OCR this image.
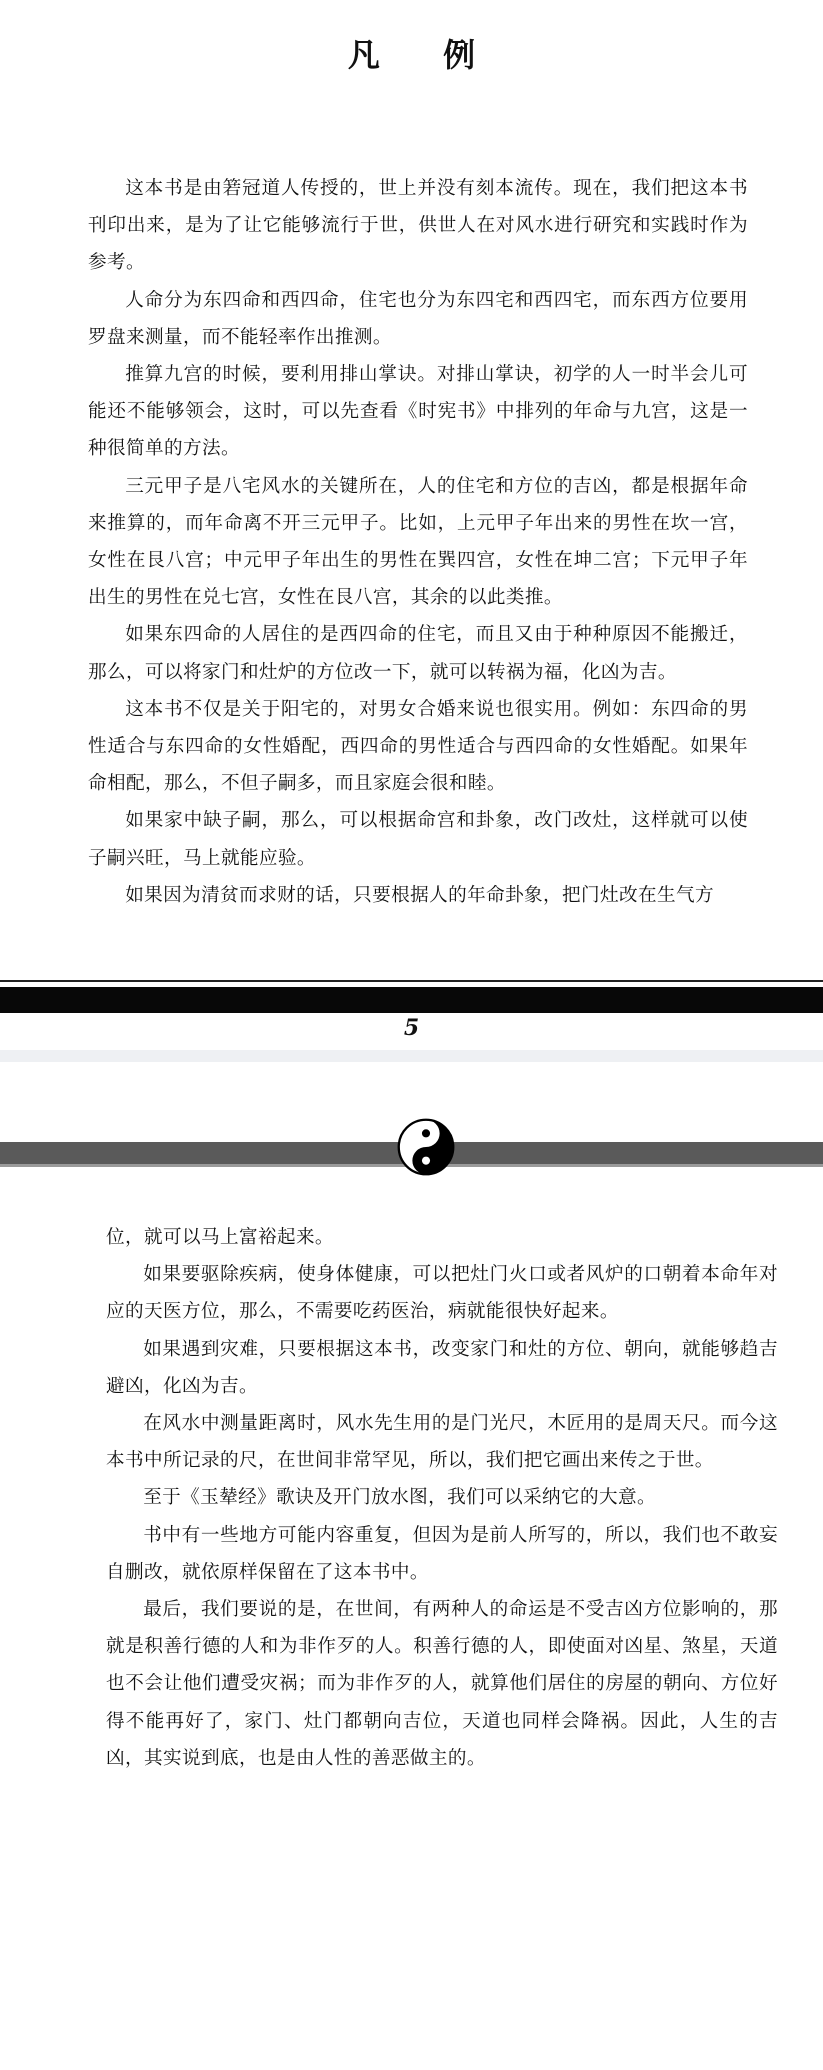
凡 例

这本书是由箬冠道人传授的，世上并没有刻本流传。现在，我们把这本书刊印出来，是为了让它能够流行于世，供世人在对风水进行研究和实践时作为参考。

人命分为东四命和西四命，住宅也分为东四宅和西四宅，而东西方位要用罗盘来测量，而不能轻率作出推测。

推算九宫的时候，要利用排山掌诀。对排山掌诀，初学的人一时半会儿可能还不能够领会，这时，可以先查看《时宪书》中排列的年命与九宫，这是一种很简单的方法。

三元甲子是八宅风水的关键所在，人的住宅和方位的吉凶，都是根据年命来推算的，而年命离不开三元甲子。比如，上元甲子年出来的男性在坎一宫，女性在艮八宫；中元甲子年出生的男性在巽四宫，女性在坤二宫；下元甲子年出生的男性在兑七宫，女性在艮八宫，其余的以此类推。

如果东四命的人居住的是西四命的住宅，而且又由于种种原因不能搬迁，那么，可以将家门和灶炉的方位改一下，就可以转祸为福，化凶为吉。

这本书不仅是关于阳宅的，对男女合婚来说也很实用。例如：东四命的男性适合与东四命的女性婚配，西四命的男性适合与西四命的女性婚配。如果年命相配，那么，不但子嗣多，而且家庭会很和睦。

如果家中缺子嗣，那么，可以根据命宫和卦象，改门改灶，这样就可以使子嗣兴旺，马上就能应验。

如果因为清贫而求财的话，只要根据人的年命卦象，把门灶改在生气方

5

位，就可以马上富裕起来。

如果要驱除疾病，使身体健康，可以把灶门火口或者风炉的口朝着本命年对应的天医方位，那么，不需要吃药医治，病就能很快好起来。

如果遇到灾难，只要根据这本书，改变家门和灶的方位、朝向，就能够趋吉避凶，化凶为吉。

在风水中测量距离时，风水先生用的是门光尺，木匠用的是周天尺。而今这本书中所记录的尺，在世间非常罕见，所以，我们把它画出来传之于世。

至于《玉辇经》歌诀及开门放水图，我们可以采纳它的大意。

书中有一些地方可能内容重复，但因为是前人所写的，所以，我们也不敢妄自删改，就依原样保留在了这本书中。

最后，我们要说的是，在世间，有两种人的命运是不受吉凶方位影响的，那就是积善行德的人和为非作歹的人。积善行德的人，即使面对凶星、煞星，天道也不会让他们遭受灾祸；而为非作歹的人，就算他们居住的房屋的朝向、方位好得不能再好了，家门、灶门都朝向吉位，天道也同样会降祸。因此，人生的吉凶，其实说到底，也是由人性的善恶做主的。
